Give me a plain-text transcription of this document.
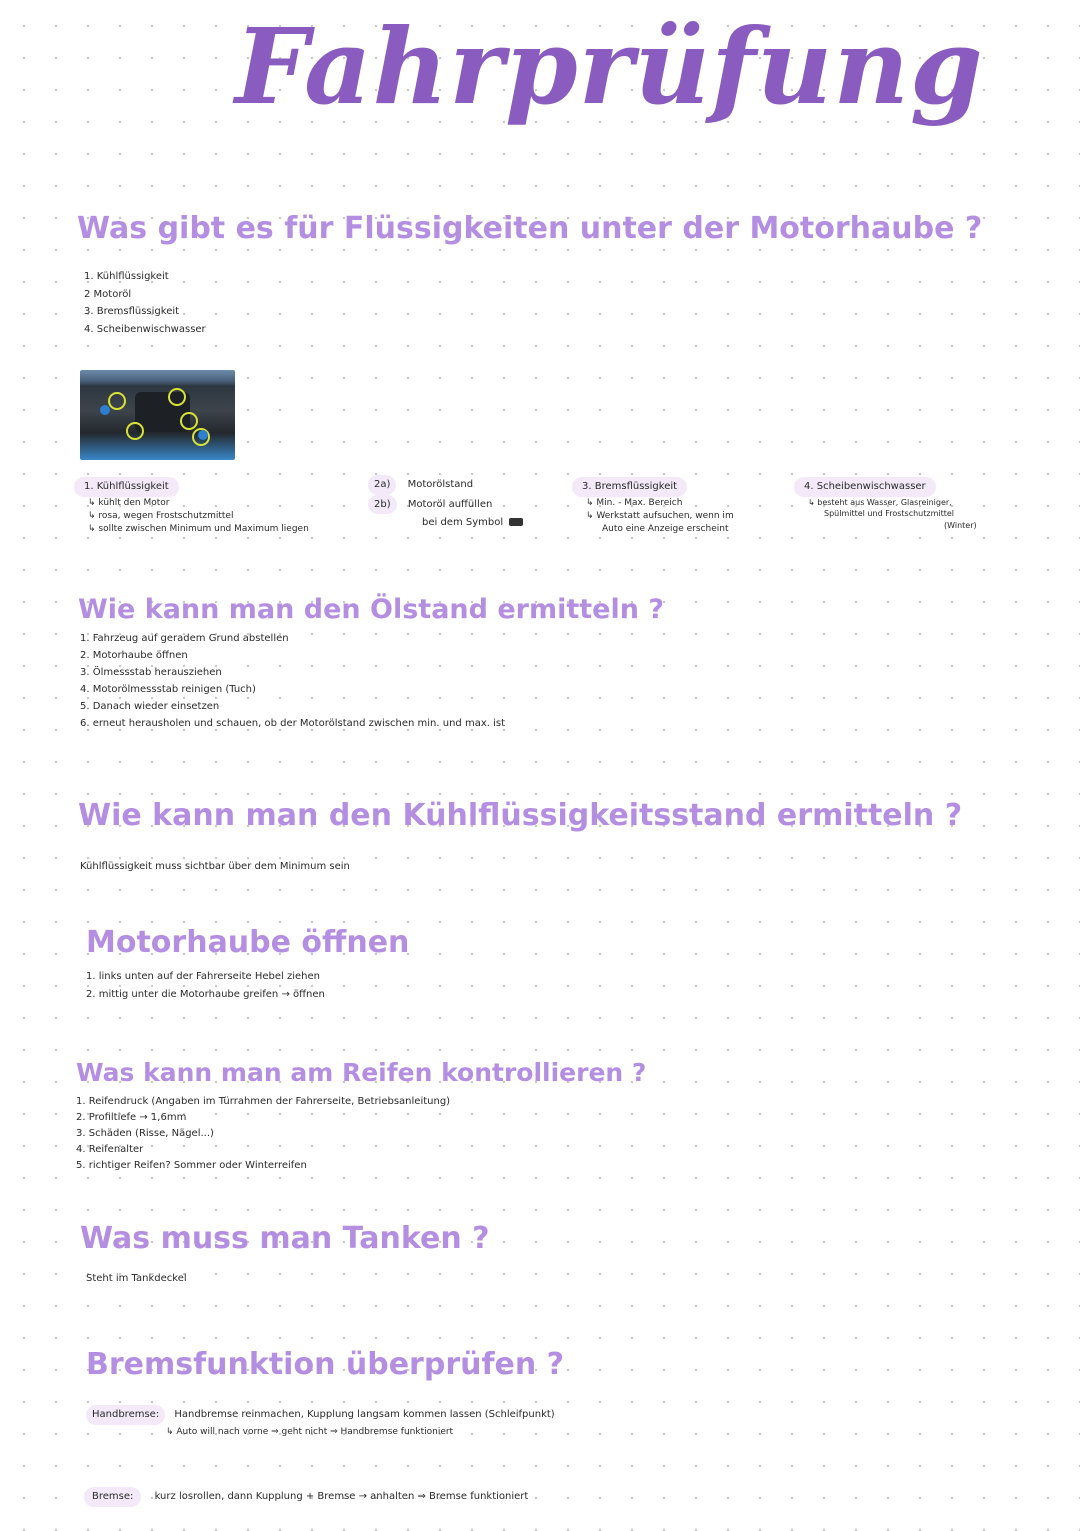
Fahrprüfung
Was gibt es für Flüssigkeiten unter der Motorhaube ?
1. Kühlflüssigkeit
2 Motoröl
3. Bremsflüssigkeit
4. Scheibenwischwasser
1. Kühlflüssigkeit
↳ kühlt den Motor
↳ rosa, wegen Frostschutzmittel
↳ sollte zwischen Minimum und Maximum liegen
2a) Motorölstand
2b) Motoröl auffüllen
bei dem Symbol
3. Bremsflüssigkeit
↳ Min. - Max. Bereich
↳ Werkstatt aufsuchen, wenn im
Auto eine Anzeige erscheint
4. Scheibenwischwasser
↳ besteht aus Wasser, Glasreiniger,
Spülmittel und Frostschutzmittel
(Winter)
Wie kann man den Ölstand ermitteln ?
1. Fahrzeug auf geradem Grund abstellen
2. Motorhaube öffnen
3. Ölmessstab herausziehen
4. Motorölmessstab reinigen (Tuch)
5. Danach wieder einsetzen
6. erneut herausholen und schauen, ob der Motorölstand zwischen min. und max. ist
Wie kann man den Kühlflüssigkeitsstand ermitteln ?
Kühlflüssigkeit muss sichtbar über dem Minimum sein
Motorhaube öffnen
1. links unten auf der Fahrerseite Hebel ziehen
2. mittig unter die Motorhaube greifen → öffnen
Was kann man am Reifen kontrollieren ?
1. Reifendruck (Angaben im Türrahmen der Fahrerseite, Betriebsanleitung)
2. Profiltiefe → 1,6mm
3. Schäden (Risse, Nägel...)
4. Reifenalter
5. richtiger Reifen? Sommer oder Winterreifen
Was muss man Tanken ?
Steht im Tankdeckel
Bremsfunktion überprüfen ?
Handbremse: Handbremse reinmachen, Kupplung langsam kommen lassen (Schleifpunkt)
↳ Auto will nach vorne ⇒ geht nicht ⇒ Handbremse funktioniert
Bremse: kurz losrollen, dann Kupplung + Bremse → anhalten ⇒ Bremse funktioniert
